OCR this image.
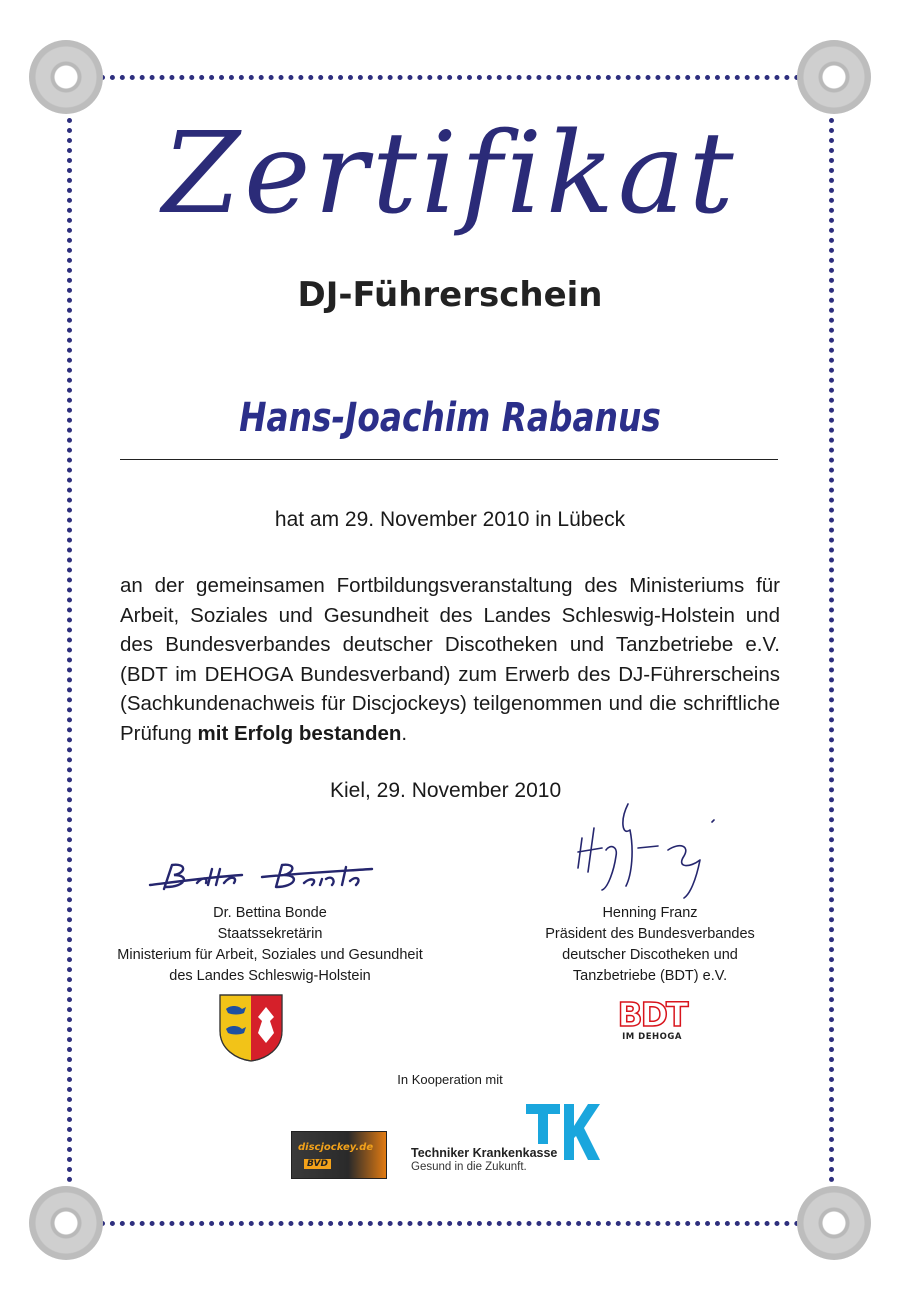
Zertifikat
DJ-Führerschein
Hans-Joachim Rabanus
hat am 29. November 2010 in Lübeck
an der gemeinsamen Fortbildungsveranstaltung des Ministeriums für Arbeit, Soziales und Gesundheit des Landes Schleswig-Holstein und des Bundesverbandes deutscher Discotheken und Tanzbetriebe e.V. (BDT im DEHOGA Bundesverband) zum Erwerb des DJ-Führerscheins (Sachkundenachweis für Discjockeys) teilgenommen und die schriftliche Prüfung mit Erfolg bestanden.
Kiel, 29. November 2010
Dr. Bettina Bonde
Staatssekretärin
Ministerium für Arbeit, Soziales und Gesundheit
des Landes Schleswig-Holstein
Henning Franz
Präsident des Bundesverbandes
deutscher Discotheken und
Tanzbetriebe (BDT) e.V.
BDT
IM DEHOGA
In Kooperation mit
discjockey.de
BVD
Techniker Krankenkasse
Gesund in die Zukunft.
